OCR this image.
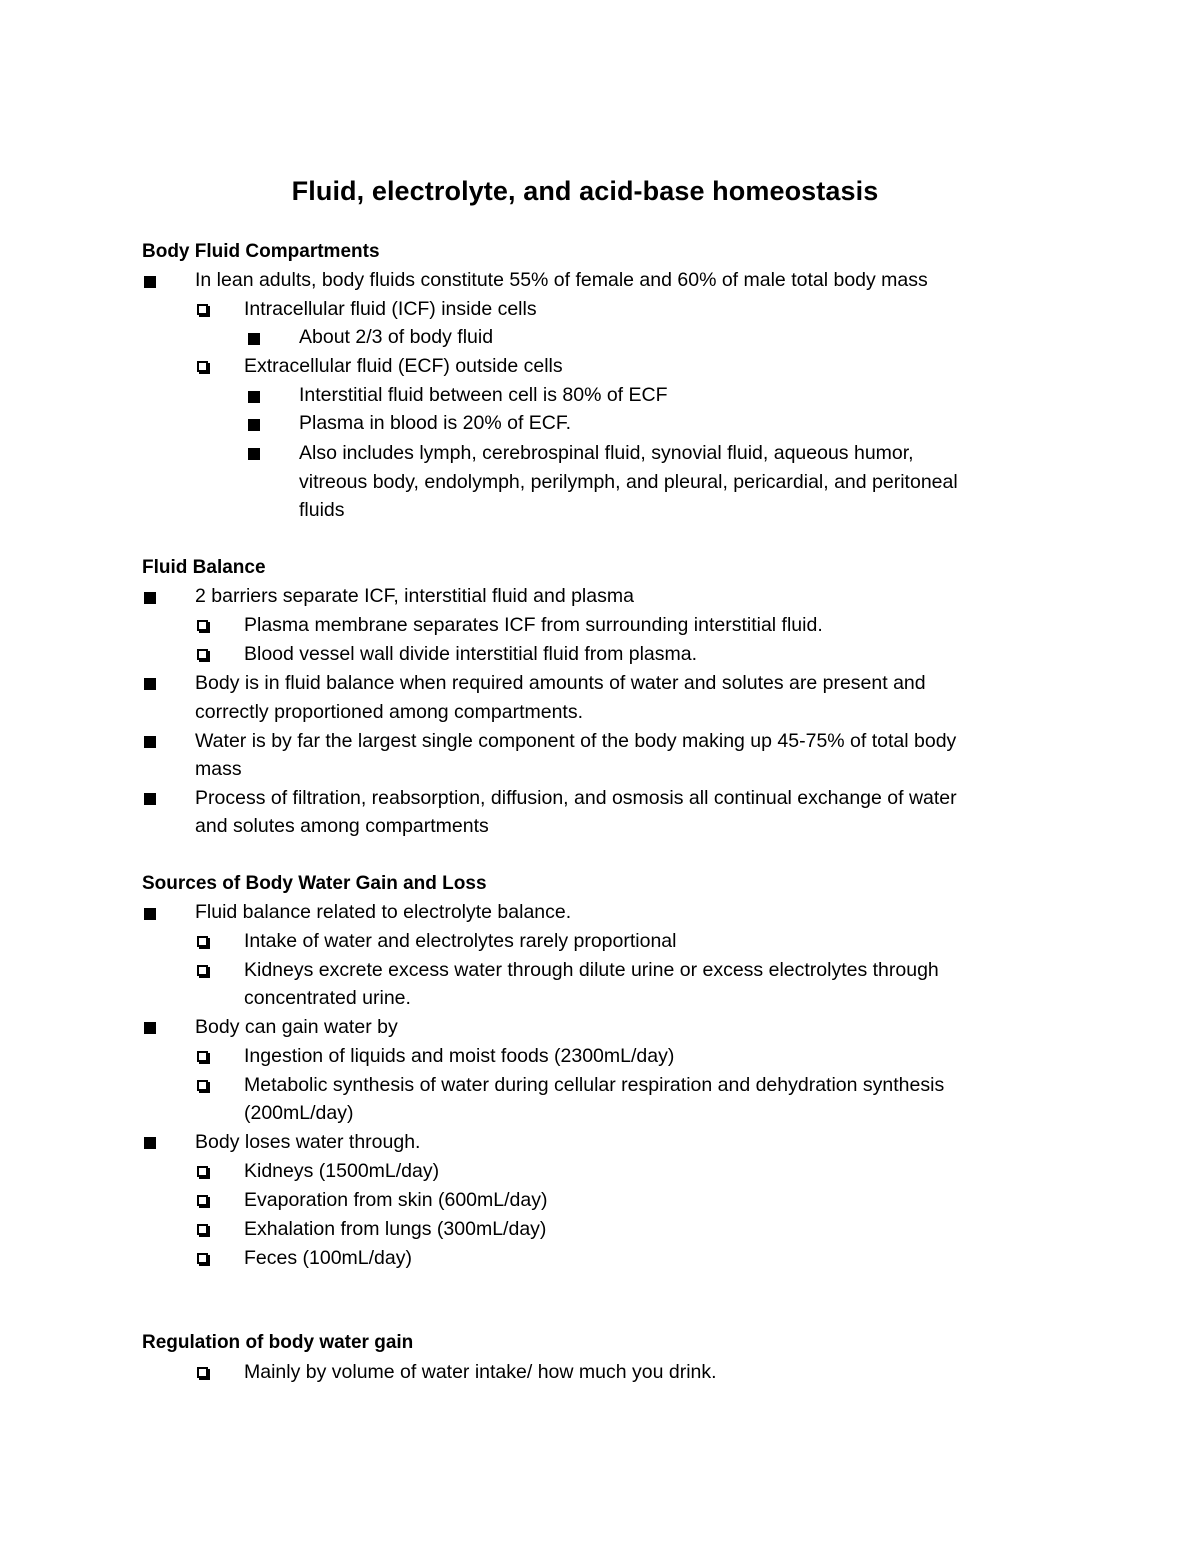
Fluid, electrolyte, and acid-base homeostasis
Body Fluid Compartments
In lean adults, body fluids constitute 55% of female and 60% of male total body mass
Intracellular fluid (ICF) inside cells
About 2/3 of body fluid
Extracellular fluid (ECF) outside cells
Interstitial fluid between cell is 80% of ECF
Plasma in blood is 20% of ECF.
Also includes lymph, cerebrospinal fluid, synovial fluid, aqueous humor,
vitreous body, endolymph, perilymph, and pleural, pericardial, and peritoneal
fluids
Fluid Balance
2 barriers separate ICF, interstitial fluid and plasma
Plasma membrane separates ICF from surrounding interstitial fluid.
Blood vessel wall divide interstitial fluid from plasma.
Body is in fluid balance when required amounts of water and solutes are present and
correctly proportioned among compartments.
Water is by far the largest single component of the body making up 45-75% of total body
mass
Process of filtration, reabsorption, diffusion, and osmosis all continual exchange of water
and solutes among compartments
Sources of Body Water Gain and Loss
Fluid balance related to electrolyte balance.
Intake of water and electrolytes rarely proportional
Kidneys excrete excess water through dilute urine or excess electrolytes through
concentrated urine.
Body can gain water by
Ingestion of liquids and moist foods (2300mL/day)
Metabolic synthesis of water during cellular respiration and dehydration synthesis
(200mL/day)
Body loses water through.
Kidneys (1500mL/day)
Evaporation from skin (600mL/day)
Exhalation from lungs (300mL/day)
Feces (100mL/day)
Regulation of body water gain
Mainly by volume of water intake/ how much you drink.
